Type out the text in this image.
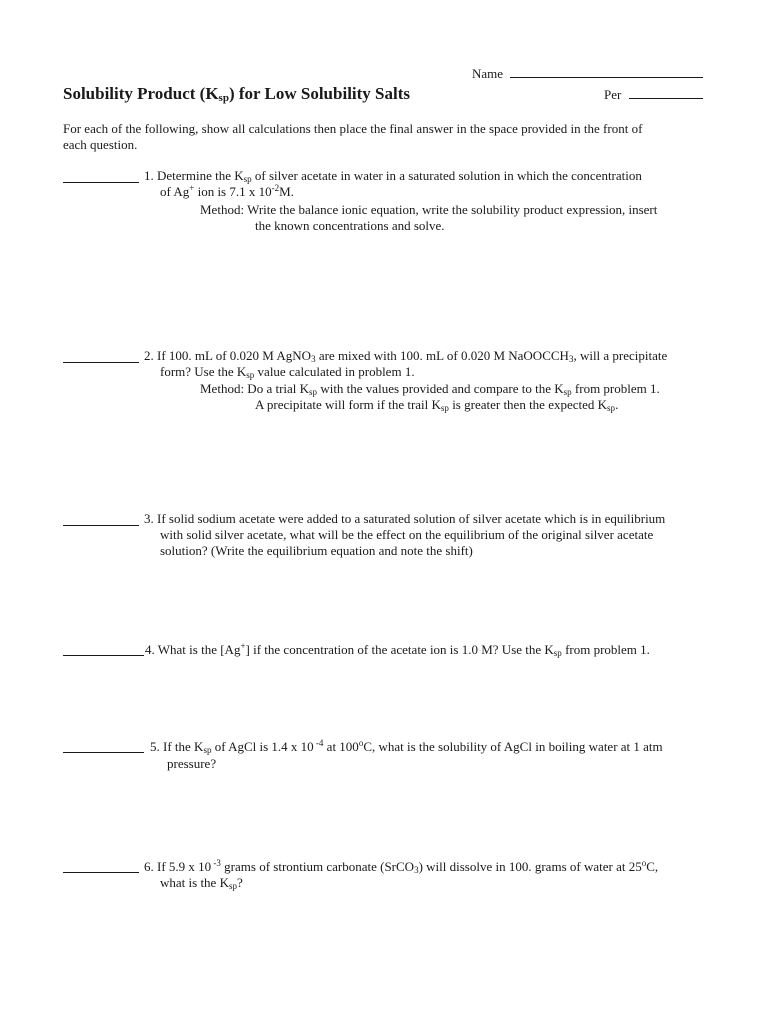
Name
Solubility Product $(K_{sp})$ for Low Solubility Salts	Per
For each of the following, show all calculations then place the final answer in the space provided in the front of
each question.
1. Determine the $K_{sp}$ of silver acetate in water in a saturated solution in which the concentration
of Ag+ ion is 7.1 x $10^{-2}M$.
Method: Write the balance ionic equation, write the solubility product expression, insert
the known concentrations and solve.
2. If 100. mL of 0.020 M AgNO$_3$ are mixed with 100. mL of 0.020 M NaOOCCH$_3$, will a precipitate
form? Use the $K_{sp}$ value calculated in problem 1.
Method: Do a trial $K_{sp}$ with the values provided and compare to the $K_{sp}$ from problem 1.
A precipitate will form if the trail $K_{sp}$ is greater then the expected $K_{sp}$.
3. If solid sodium acetate were added to a saturated solution of silver acetate which is in equilibrium
with solid silver acetate, what will be the effect on the equilibrium of the original silver acetate
solution? (Write the equilibrium equation and note the shift)
4. What is the [Ag+] if the concentration of the acetate ion is 1.0 M? Use the $K_{sp}$ from problem 1.
5. If the $K_{sp}$ of AgCl is 1.4 x 10 $^{-4}$ at 100$^o$C, what is the solubility of AgCl in boiling water at 1 atm
pressure?
6. If 5.9 x 10 $^{-3}$ grams of strontium carbonate (SrCO$_3$) will dissolve in 100. grams of water at 25$^o$C,
what is the $K_{sp}$?
